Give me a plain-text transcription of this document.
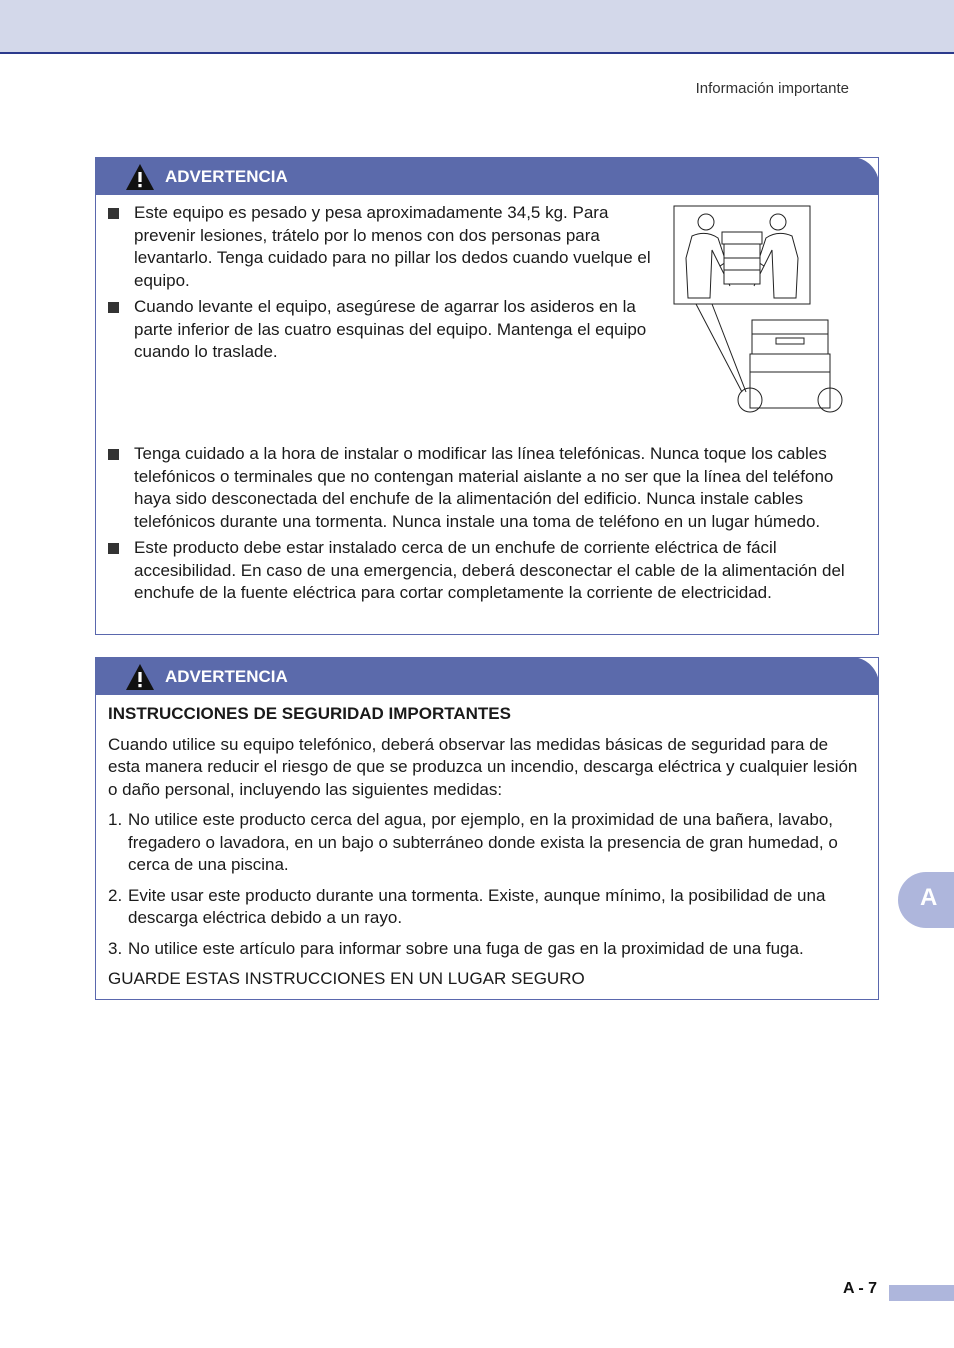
Información importante
ADVERTENCIA
Este equipo es pesado y pesa aproximadamente 34,5 kg. Para prevenir lesiones, trátelo por lo menos con dos personas para levantarlo. Tenga cuidado para no pillar los dedos cuando vuelque el equipo.
Cuando levante el equipo, asegúrese de agarrar los asideros en la parte inferior de las cuatro esquinas del equipo. Mantenga el equipo cuando lo traslade.
Tenga cuidado a la hora de instalar o modificar las línea telefónicas. Nunca toque los cables telefónicos o terminales que no contengan material aislante a no ser que la línea del teléfono haya sido desconectada del enchufe de la alimentación del edificio. Nunca instale cables telefónicos durante una tormenta. Nunca instale una toma de teléfono en un lugar húmedo.
Este producto debe estar instalado cerca de un enchufe de corriente eléctrica de fácil accesibilidad. En caso de una emergencia, deberá desconectar el cable de la alimentación del enchufe de la fuente eléctrica para cortar completamente la corriente de electricidad.
ADVERTENCIA
INSTRUCCIONES DE SEGURIDAD IMPORTANTES

Cuando utilice su equipo telefónico, deberá observar las medidas básicas de seguridad para de esta manera reducir el riesgo de que se produzca un incendio, descarga eléctrica y cualquier lesión o daño personal, incluyendo las siguientes medidas:

1. No utilice este producto cerca del agua, por ejemplo, en la proximidad de una bañera, lavabo, fregadero o lavadora, en un bajo o subterráneo donde exista la presencia de gran humedad, o cerca de una piscina.
2. Evite usar este producto durante una tormenta. Existe, aunque mínimo, la posibilidad de una descarga eléctrica debido a un rayo.
3. No utilice este artículo para informar sobre una fuga de gas en la proximidad de una fuga.

GUARDE ESTAS INSTRUCCIONES EN UN LUGAR SEGURO

A
A - 7
